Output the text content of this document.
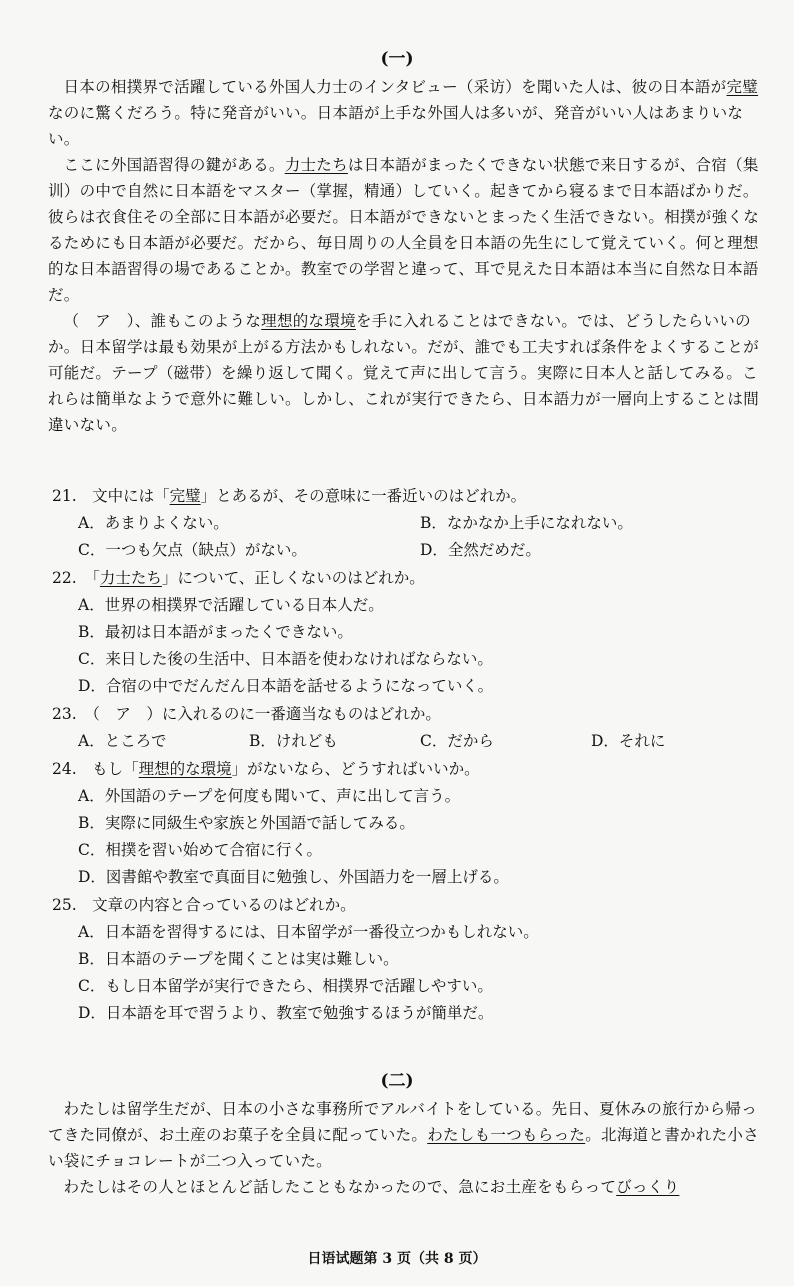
(一)

日本の相撲界で活躍している外国人力士のインタビュー（采访）を聞いた人は、彼の日本語が完璧なのに驚くだろう。特に発音がいい。日本語が上手な外国人は多いが、発音がいい人はあまりいない。

ここに外国語習得の鍵がある。力士たちは日本語がまったくできない状態で来日するが、合宿（集训）の中で自然に日本語をマスター（掌握，精通）していく。起きてから寝るまで日本語ばかりだ。彼らは衣食住その全部に日本語が必要だ。日本語ができないとまったく生活できない。相撲が強くなるためにも日本語が必要だ。だから、毎日周りの人全員を日本語の先生にして覚えていく。何と理想的な日本語習得の場であることか。教室での学習と違って、耳で見えた日本語は本当に自然な日本語だ。

（　ア　）、誰もこのような理想的な環境を手に入れることはできない。では、どうしたらいいのか。日本留学は最も効果が上がる方法かもしれない。だが、誰でも工夫すれば条件をよくすることが可能だ。テープ（磁带）を繰り返して聞く。覚えて声に出して言う。実際に日本人と話してみる。これらは簡単なようで意外に難しい。しかし、これが実行できたら、日本語力が一層向上することは間違いない。

21.　文中には「完璧」とあるが、その意味に一番近いのはどれか。
A．あまりよくない。	B．なかなか上手になれない。
C．一つも欠点（缺点）がない。	D．全然だめだ。
22.　「力士たち」について、正しくないのはどれか。
A．世界の相撲界で活躍している日本人だ。
B．最初は日本語がまったくできない。
C．来日した後の生活中、日本語を使わなければならない。
D．合宿の中でだんだん日本語を話せるようになっていく。
23.　（　ア　）に入れるのに一番適当なものはどれか。
A．ところで	B．けれども	C．だから	D．それに
24.　もし「理想的な環境」がないなら、どうすればいいか。
A．外国語のテープを何度も聞いて、声に出して言う。
B．実際に同級生や家族と外国語で話してみる。
C．相撲を習い始めて合宿に行く。
D．図書館や教室で真面目に勉強し、外国語力を一層上げる。
25.　文章の内容と合っているのはどれか。
A．日本語を習得するには、日本留学が一番役立つかもしれない。
B．日本語のテープを聞くことは実は難しい。
C．もし日本留学が実行できたら、相撲界で活躍しやすい。
D．日本語を耳で習うより、教室で勉強するほうが簡単だ。
(二)

わたしは留学生だが、日本の小さな事務所でアルバイトをしている。先日、夏休みの旅行から帰ってきた同僚が、お土産のお菓子を全員に配っていた。わたしも一つもらった。北海道と書かれた小さい袋にチョコレートが二つ入っていた。

わたしはその人とほとんど話したこともなかったので、急にお土産をもらってびっくり

日语试题第 3 页（共 8 页）
